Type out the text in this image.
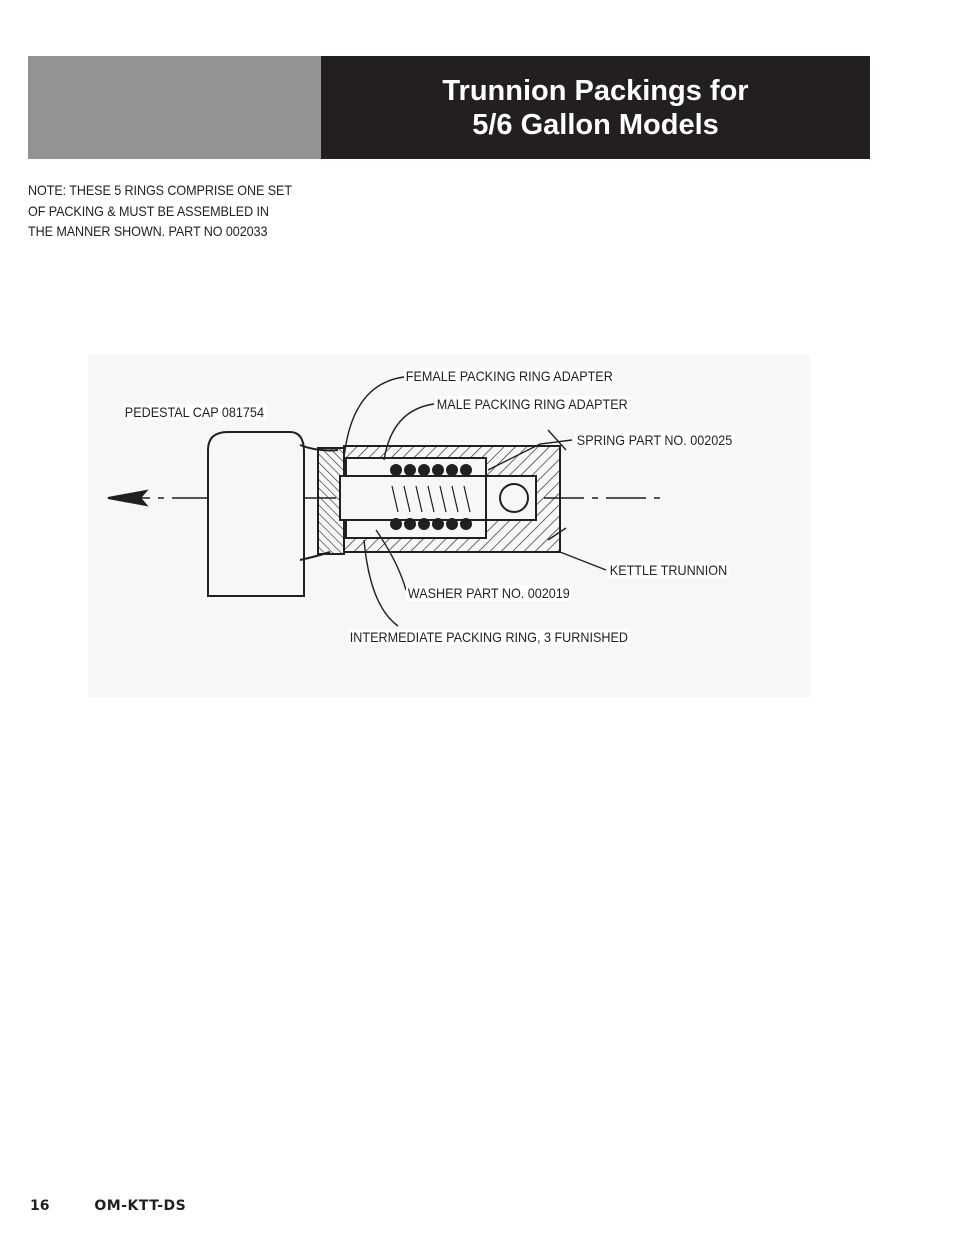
Trunnion Packings for
5/6 Gallon Models
NOTE: THESE 5 RINGS COMPRISE ONE SET
OF PACKING & MUST BE ASSEMBLED IN
THE MANNER SHOWN. PART NO 002033
FEMALE PACKING RING ADAPTER
MALE PACKING RING ADAPTER
PEDESTAL CAP 081754
SPRING PART NO. 002025
KETTLE TRUNNION
WASHER PART NO. 002019
INTERMEDIATE PACKING RING, 3 FURNISHED
16	OM-KTT-DS
